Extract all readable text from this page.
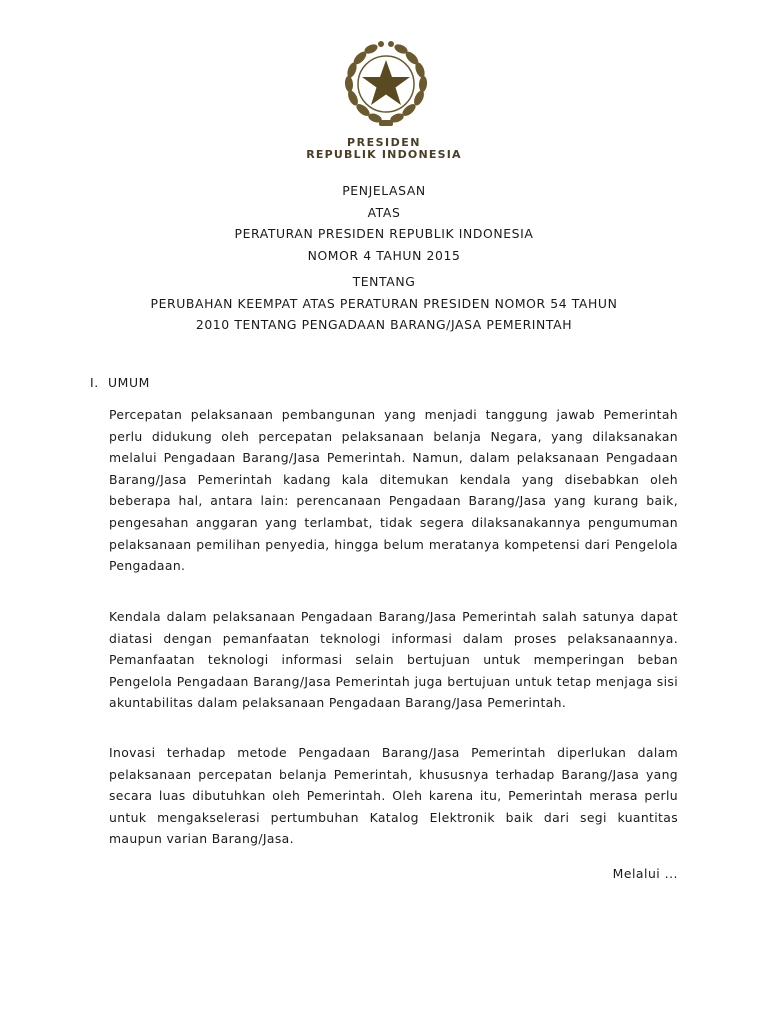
PRESIDEN
REPUBLIK INDONESIA
PENJELASAN
ATAS
PERATURAN PRESIDEN REPUBLIK INDONESIA
NOMOR 4 TAHUN 2015
TENTANG
PERUBAHAN KEEMPAT ATAS PERATURAN PRESIDEN NOMOR 54 TAHUN
2010 TENTANG PENGADAAN BARANG/JASA PEMERINTAH
I. UMUM

Percepatan pelaksanaan pembangunan yang menjadi tanggung jawab Pemerintah perlu didukung oleh percepatan pelaksanaan belanja Negara, yang dilaksanakan melalui Pengadaan Barang/Jasa Pemerintah. Namun, dalam pelaksanaan Pengadaan Barang/Jasa Pemerintah kadang kala ditemukan kendala yang disebabkan oleh beberapa hal, antara lain: perencanaan Pengadaan Barang/Jasa yang kurang baik, pengesahan anggaran yang terlambat, tidak segera dilaksanakannya pengumuman pelaksanaan pemilihan penyedia, hingga belum meratanya kompetensi dari Pengelola Pengadaan.

Kendala dalam pelaksanaan Pengadaan Barang/Jasa Pemerintah salah satunya dapat diatasi dengan pemanfaatan teknologi informasi dalam proses pelaksanaannya. Pemanfaatan teknologi informasi selain bertujuan untuk memperingan beban Pengelola Pengadaan Barang/Jasa Pemerintah juga bertujuan untuk tetap menjaga sisi akuntabilitas dalam pelaksanaan Pengadaan Barang/Jasa Pemerintah.

Inovasi terhadap metode Pengadaan Barang/Jasa Pemerintah diperlukan dalam pelaksanaan percepatan belanja Pemerintah, khususnya terhadap Barang/Jasa yang secara luas dibutuhkan oleh Pemerintah. Oleh karena itu, Pemerintah merasa perlu untuk mengakselerasi pertumbuhan Katalog Elektronik baik dari segi kuantitas maupun varian Barang/Jasa.

Melalui ...
